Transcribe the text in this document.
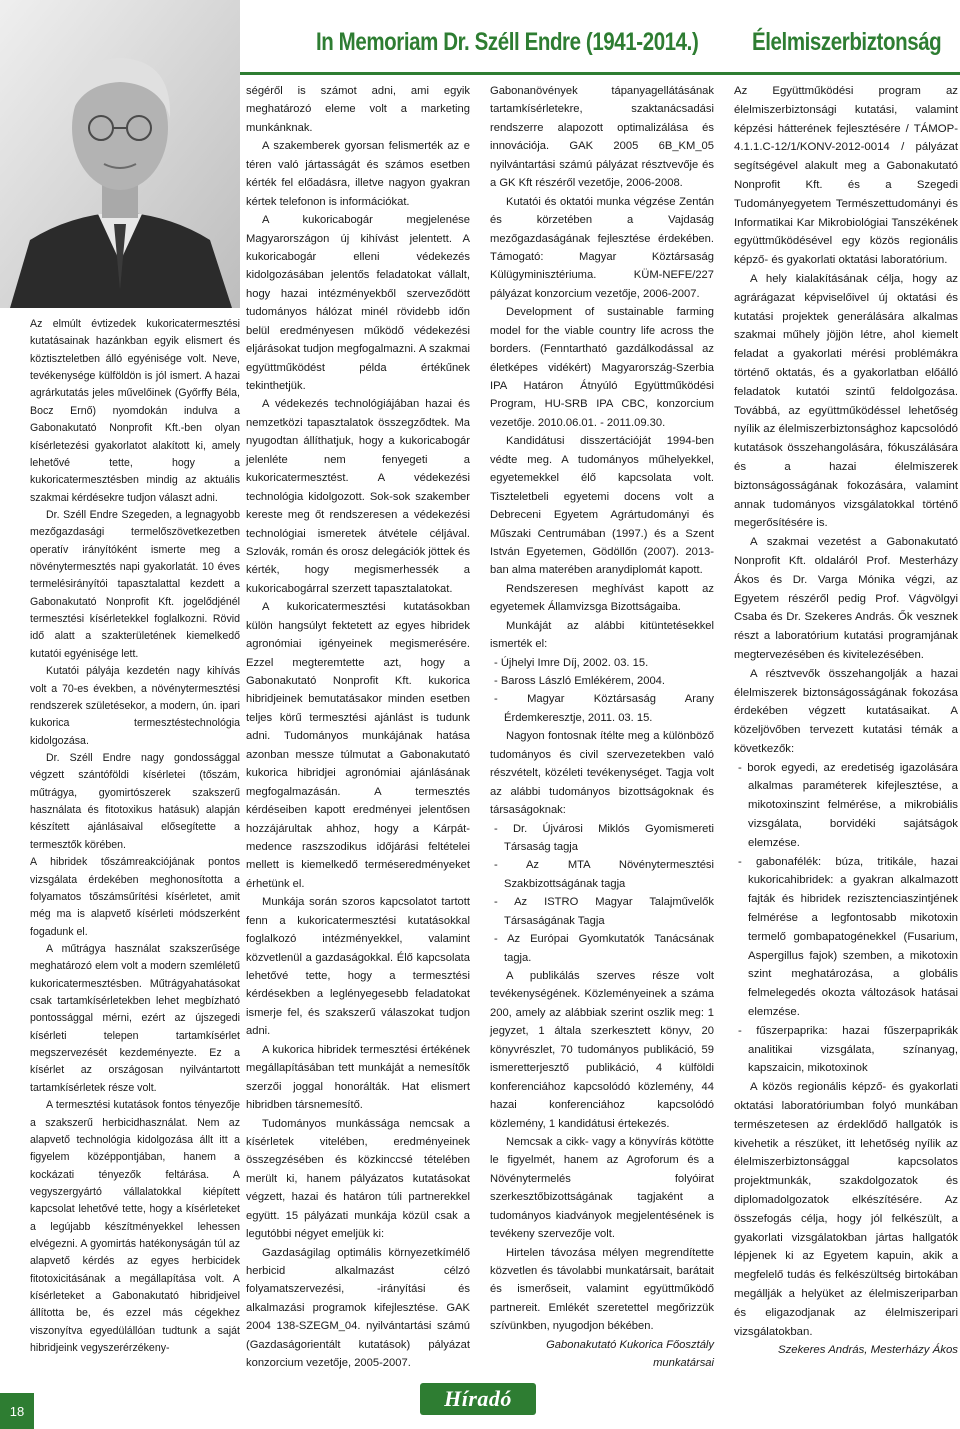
In Memoriam Dr. Széll Endre (1941-2014.) Élelmiszerbiztonság

Az elmúlt évtizedek kukoricatermesztési kutatásainak hazánkban egyik elismert és köztiszteletben álló egyénisége volt. Neve, tevékenysége külföldön is jól ismert. A hazai agrárkutatás jeles művelőinek (Győrffy Béla, Bocz Ernő) nyomdokán indulva a Gabonakutató Nonprofit Kft.-ben olyan kísérletezési gyakorlatot alakított ki, amely lehetővé tette, hogy a kukoricatermesztésben mindig az aktuális szakmai kérdésekre tudjon választ adni.

Dr. Széll Endre Szegeden, a legnagyobb mezőgazdasági termelőszövetkezetben operatív irányítóként ismerte meg a növénytermesztés napi gyakorlatát. 10 éves termelésirányítói tapasztalattal kezdett a Gabonakutató Nonprofit Kft. jogelődjénél termesztési kísérletekkel foglalkozni. Rövid idő alatt a szakterületének kiemelkedő kutatói egyénisége lett.

Kutatói pályája kezdetén nagy kihívás volt a 70-es években, a növénytermesztési rendszerek születésekor, a modern, ún. ipari kukorica termesztéstechnológia kidolgozása.

Dr. Széll Endre nagy gondossággal végzett szántóföldi kísérletei (tőszám, műtrágya, gyomirtószerek szakszerű használata és fitotoxikus hatásuk) alapján készített ajánlásaival elősegítette a termesztők körében.

A hibridek tőszámreakciójának pontos vizsgálata érdekében meghonosította a folyamatos tőszámsűrítési kísérletet, amit még ma is alapvető kísérleti módszerként fogadunk el.

A műtrágya használat szakszerűsége meghatározó elem volt a modern szemléletű kukoricatermesztésben. Műtrágyahatásokat csak tartamkísérletekben lehet megbízható pontossággal mérni, ezért az újszegedi kísérleti telepen tartamkísérlet megszervezését kezdeményezte. Ez a kísérlet az országosan nyilvántartott tartamkísérletek része volt.

A termesztési kutatások fontos tényezője a szakszerű herbicidhasználat. Nem az alapvető technológia kidolgozása állt itt a figyelem középpontjában, hanem a kockázati tényezők feltárása. A vegyszergyártó vállalatokkal kiépített kapcsolat lehetővé tette, hogy a kísérleteket a legújabb készítményekkel lehessen elvégezni. A gyomirtás hatékonyságán túl az alapvető kérdés az egyes herbicidek fitotoxicitásának a megállapítása volt. A kísérleteket a Gabonakutató hibridjeivel állította be, és ezzel más cégekhez viszonyítva egyedülállóan tudtunk a saját hibridjeink vegyszerérzékeny-

ségéről is számot adni, ami egyik meghatározó eleme volt a marketing munkánknak.

A szakemberek gyorsan felismerték az e téren való jártasságát és számos esetben kérték fel előadásra, illetve nagyon gyakran kértek telefonon is információkat.

A kukoricabogár megjelenése Magyarországon új kihívást jelentett. A kukoricabogár elleni védekezés kidolgozásában jelentős feladatokat vállalt, hogy hazai intézményekből szerveződött tudományos hálózat minél rövidebb időn belül eredményesen működő védekezési eljárásokat tudjon megfogalmazni. A szakmai együttműködést példa értékűnek tekinthetjük.

A védekezés technológiájában hazai és nemzetközi tapasztalatok összegződtek. Ma nyugodtan állíthatjuk, hogy a kukoricabogár jelenléte nem fenyegeti a kukoricatermesztést. A védekezési technológia kidolgozott. Sok-sok szakember kereste meg őt rendszeresen a védekezési technológiai ismeretek átvétele céljával. Szlovák, román és orosz delegációk jöttek és kérték, hogy megismerhessék a kukoricabogárral szerzett tapasztalatokat.

A kukoricatermesztési kutatásokban külön hangsúlyt fektetett az egyes hibridek agronómiai igényeinek megismerésére. Ezzel megteremtette azt, hogy a Gabonakutató Nonprofit Kft. kukorica hibridjeinek bemutatásakor minden esetben teljes körű termesztési ajánlást is tudunk adni. Tudományos munkájának hatása azonban messze túlmutat a Gabonakutató kukorica hibridjei agronómiai ajánlásának megfogalmazásán. A termesztés kérdéseiben kapott eredményei jelentősen hozzájárultak ahhoz, hogy a Kárpát-medence raszszodikus időjárási feltételei mellett is kiemelkedő terméseredményeket érhetünk el.

Munkája során szoros kapcsolatot tartott fenn a kukoricatermesztési kutatásokkal foglalkozó intézményekkel, valamint közvetlenül a gazdaságokkal. Élő kapcsolata lehetővé tette, hogy a termesztési kérdésekben a leglényegesebb feladatokat ismerje fel, és szakszerű válaszokat tudjon adni.

A kukorica hibridek termesztési értékének megállapításában tett munkáját a nemesítők szerzői joggal honorálták. Hat elismert hibridben társnemesítő.

Tudományos munkássága nemcsak a kísérletek vitelében, eredményeinek összegzésében és közkinccsé tételében merült ki, hanem pályázatos kutatásokat végzett, hazai és határon túli partnerekkel együtt. 15 pályázati munkája közül csak a legutóbbi négyet emeljük ki:

Gazdaságilag optimális környezetkímélő herbicid alkalmazást célzó folyamatszervezési, -irányítási és alkalmazási programok kifejlesztése. GAK 2004 138-SZEGM_04. nyilvántartási számú (Gazdaságorientált kutatások) pályázat konzorcium vezetője, 2005-2007.

Gabonanövények tápanyagellátásának tartamkísérletekre, szaktanácsadási rendszerre alapozott optimalizálása és innovációja. GAK 2005 6B_KM_05 nyilvántartási számú pályázat résztvevője és a GK Kft részéről vezetője, 2006-2008.

Kutatói és oktatói munka végzése Zentán és körzetében a Vajdaság mezőgazdaságának fejlesztése érdekében. Támogató: Magyar Köztársaság Külügyminisztériuma. KÜM-NEFE/227 pályázat konzorcium vezetője, 2006-2007.

Development of sustainable farming model for the viable country life across the borders. (Fenntartható gazdálkodással az életképes vidékért) Magyarország-Szerbia IPA Határon Átnyúló Együttműködési Program, HU-SRB IPA CBC, konzorcium vezetője. 2010.06.01. - 2011.09.30.

Kandidátusi disszertációját 1994-ben védte meg. A tudományos műhelyekkel, egyetemekkel élő kapcsolata volt. Tiszteletbeli egyetemi docens volt a Debreceni Egyetem Agrártudományi és Műszaki Centrumában (1997.) és a Szent István Egyetemen, Gödöllőn (2007). 2013-ban alma materében aranydiplomát kapott.

Rendszeresen meghívást kapott az egyetemek Államvizsga Bizottságaiba.

Munkáját az alábbi kitüntetésekkel ismerték el:

- Újhelyi Imre Díj, 2002. 03. 15.
- Baross László Emlékérem, 2004.
- Magyar Köztársaság Arany Érdemkeresztje, 2011. 03. 15.

Nagyon fontosnak ítélte meg a különböző tudományos és civil szervezetekben való részvételt, közéleti tevékenységet. Tagja volt az alábbi tudományos bizottságoknak és társaságoknak:

- Dr. Újvárosi Miklós Gyomismereti Társaság tagja
- Az MTA Növénytermesztési Szakbizottságának tagja
- Az ISTRO Magyar Talajművelők Társaságának Tagja
- Az Európai Gyomkutatók Tanácsának tagja.

A publikálás szerves része volt tevékenységének. Közleményeinek a száma 200, amely az alábbiak szerint oszlik meg: 1 jegyzet, 1 általa szerkesztett könyv, 20 könyvrészlet, 70 tudományos publikáció, 59 ismeretterjesztő publikáció, 4 külföldi konferenciához kapcsolódó közlemény, 44 hazai konferenciához kapcsolódó közlemény, 1 kandidátusi értekezés.

Nemcsak a cikk- vagy a könyvírás kötötte le figyelmét, hanem az Agroforum és a Növénytermelés folyóirat szerkesztőbizottságának tagjaként a tudományos kiadványok megjelentésének is tevékeny szervezője volt.

Hirtelen távozása mélyen megrendítette közvetlen és távolabbi munkatársait, barátait és ismerőseit, valamint együttműködő partnereit. Emlékét szeretettel megőrizzük szívünkben, nyugodjon békében.

Gabonakutató Kukorica Főosztály munkatársai

Az Együttműködési program az élelmiszerbiztonsági kutatási, valamint képzési hátterének fejlesztésére / TÁMOP-4.1.1.C-12/1/KONV-2012-0014 / pályázat segítségével alakult meg a Gabonakutató Nonprofit Kft. és a Szegedi Tudományegyetem Természettudományi és Informatikai Kar Mikrobiológiai Tanszékének együttműködésével egy közös regionális képző- és gyakorlati oktatási laboratórium.

A hely kialakításának célja, hogy az agrárágazat képviselőivel új oktatási és kutatási projektek generálására alkalmas szakmai műhely jöjjön létre, ahol kiemelt feladat a gyakorlati mérési problémákra történő oktatás, és a gyakorlatban előálló feladatok kutatói szintű feldolgozása. Továbbá, az együttműködéssel lehetőség nyílik az élelmiszerbiztonsághoz kapcsolódó kutatások összehangolására, fókuszálására és a hazai élelmiszerek biztonságosságának fokozására, valamint annak tudományos vizsgálatokkal történő megerősítésére is.

A szakmai vezetést a Gabonakutató Nonprofit Kft. oldaláról Prof. Mesterházy Ákos és Dr. Varga Mónika végzi, az Egyetem részéről pedig Prof. Vágvölgyi Csaba és Dr. Szekeres András. Ők vesznek részt a laboratórium kutatási programjának megtervezésében és kivitelezésében.

A résztvevők összehangolják a hazai élelmiszerek biztonságosságának fokozása érdekében végzett kutatásaikat. A közeljövőben tervezett kutatási témák a következők:

- borok egyedi, az eredetiség igazolására alkalmas paraméterek kifejlesztése, a mikotoxinszint felmérése, a mikrobiális vizsgálata, borvidéki sajátságok elemzése.
- gabonafélék: búza, tritikále, hazai kukoricahibridek: a gyakran alkalmazott fajták és hibridek rezisztenciaszintjének felmérése a legfontosabb mikotoxin termelő gombapatogénekkel (Fusarium, Aspergillus fajok) szemben, a mikotoxin szint meghatározása, a globális felmelegedés okozta változások hatásai elemzése.
- fűszerpaprika: hazai fűszerpaprikák analitikai vizsgálata, színanyag, kapszaicin, mikotoxinok

A közös regionális képző- és gyakorlati oktatási laboratóriumban folyó munkában természetesen az érdeklődő hallgatók is kivehetik a részüket, itt lehetőség nyílik az élelmiszerbiztonsággal kapcsolatos projektmunkák, szakdolgozatok és diplomadolgozatok elkészítésére. Az összefogás célja, hogy jól felkészült, a gyakorlati vizsgálatokban jártas hallgatók lépjenek ki az Egyetem kapuin, akik a megfelelő tudás és felkészültség birtokában megállják a helyüket az élelmiszeriparban és eligazodjanak az élelmiszeripari vizsgálatokban.

Szekeres András, Mesterházy Ákos

Híradó
18
